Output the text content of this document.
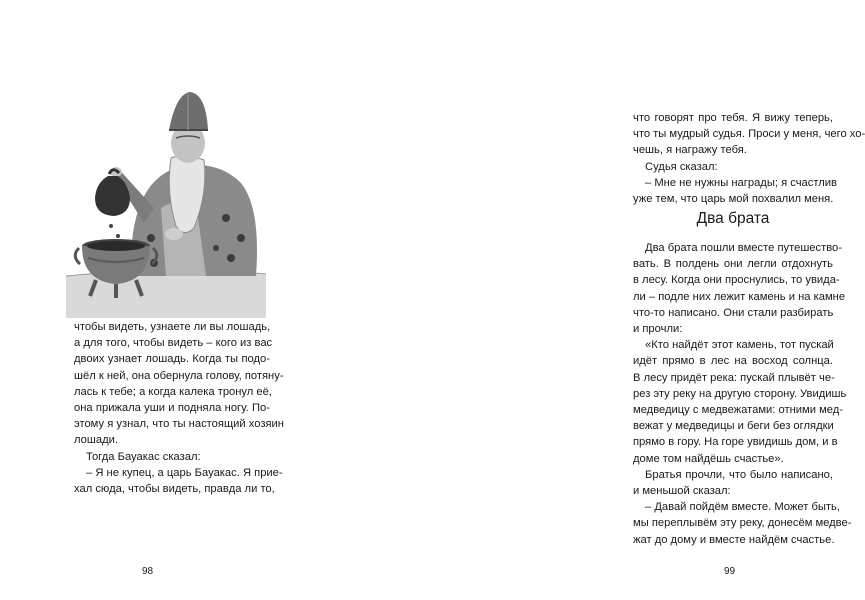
чтобы видеть, узнаете ли вы лошадь,
а для того, чтобы видеть – кого из вас
двоих узнает лошадь. Когда ты подо-
шёл к ней, она обернула голову, потяну-
лась к тебе; а когда калека тронул её,
она прижала уши и подняла ногу. По-
этому я узнал, что ты настоящий хозяин
лошади.
Тогда Бауакас сказал:
– Я не купец, а царь Бауакас. Я прие-
хал сюда, чтобы видеть, правда ли то,

98

что говорят про тебя. Я вижу теперь,
что ты мудрый судья. Проси у меня, чего хо-
чешь, я награжу тебя.
Судья сказал:
– Мне не нужны награды; я счастлив
уже тем, что царь мой похвалил меня.

Два брата

Два брата пошли вместе путешество-
вать. В полдень они легли отдохнуть
в лесу. Когда они проснулись, то увида-
ли – подле них лежит камень и на камне
что-то написано. Они стали разбирать
и прочли:
«Кто найдёт этот камень, тот пускай
идёт прямо в лес на восход солнца.
В лесу придёт река: пускай плывёт че-
рез эту реку на другую сторону. Увидишь
медведицу с медвежатами: отними мед-
вежат у медведицы и беги без оглядки
прямо в гору. На горе увидишь дом, и в
доме том найдёшь счастье».
Братья прочли, что было написано,
и меньшой сказал:
– Давай пойдём вместе. Может быть,
мы переплывём эту реку, донесём медве-
жат до дому и вместе найдём счастье.

99
